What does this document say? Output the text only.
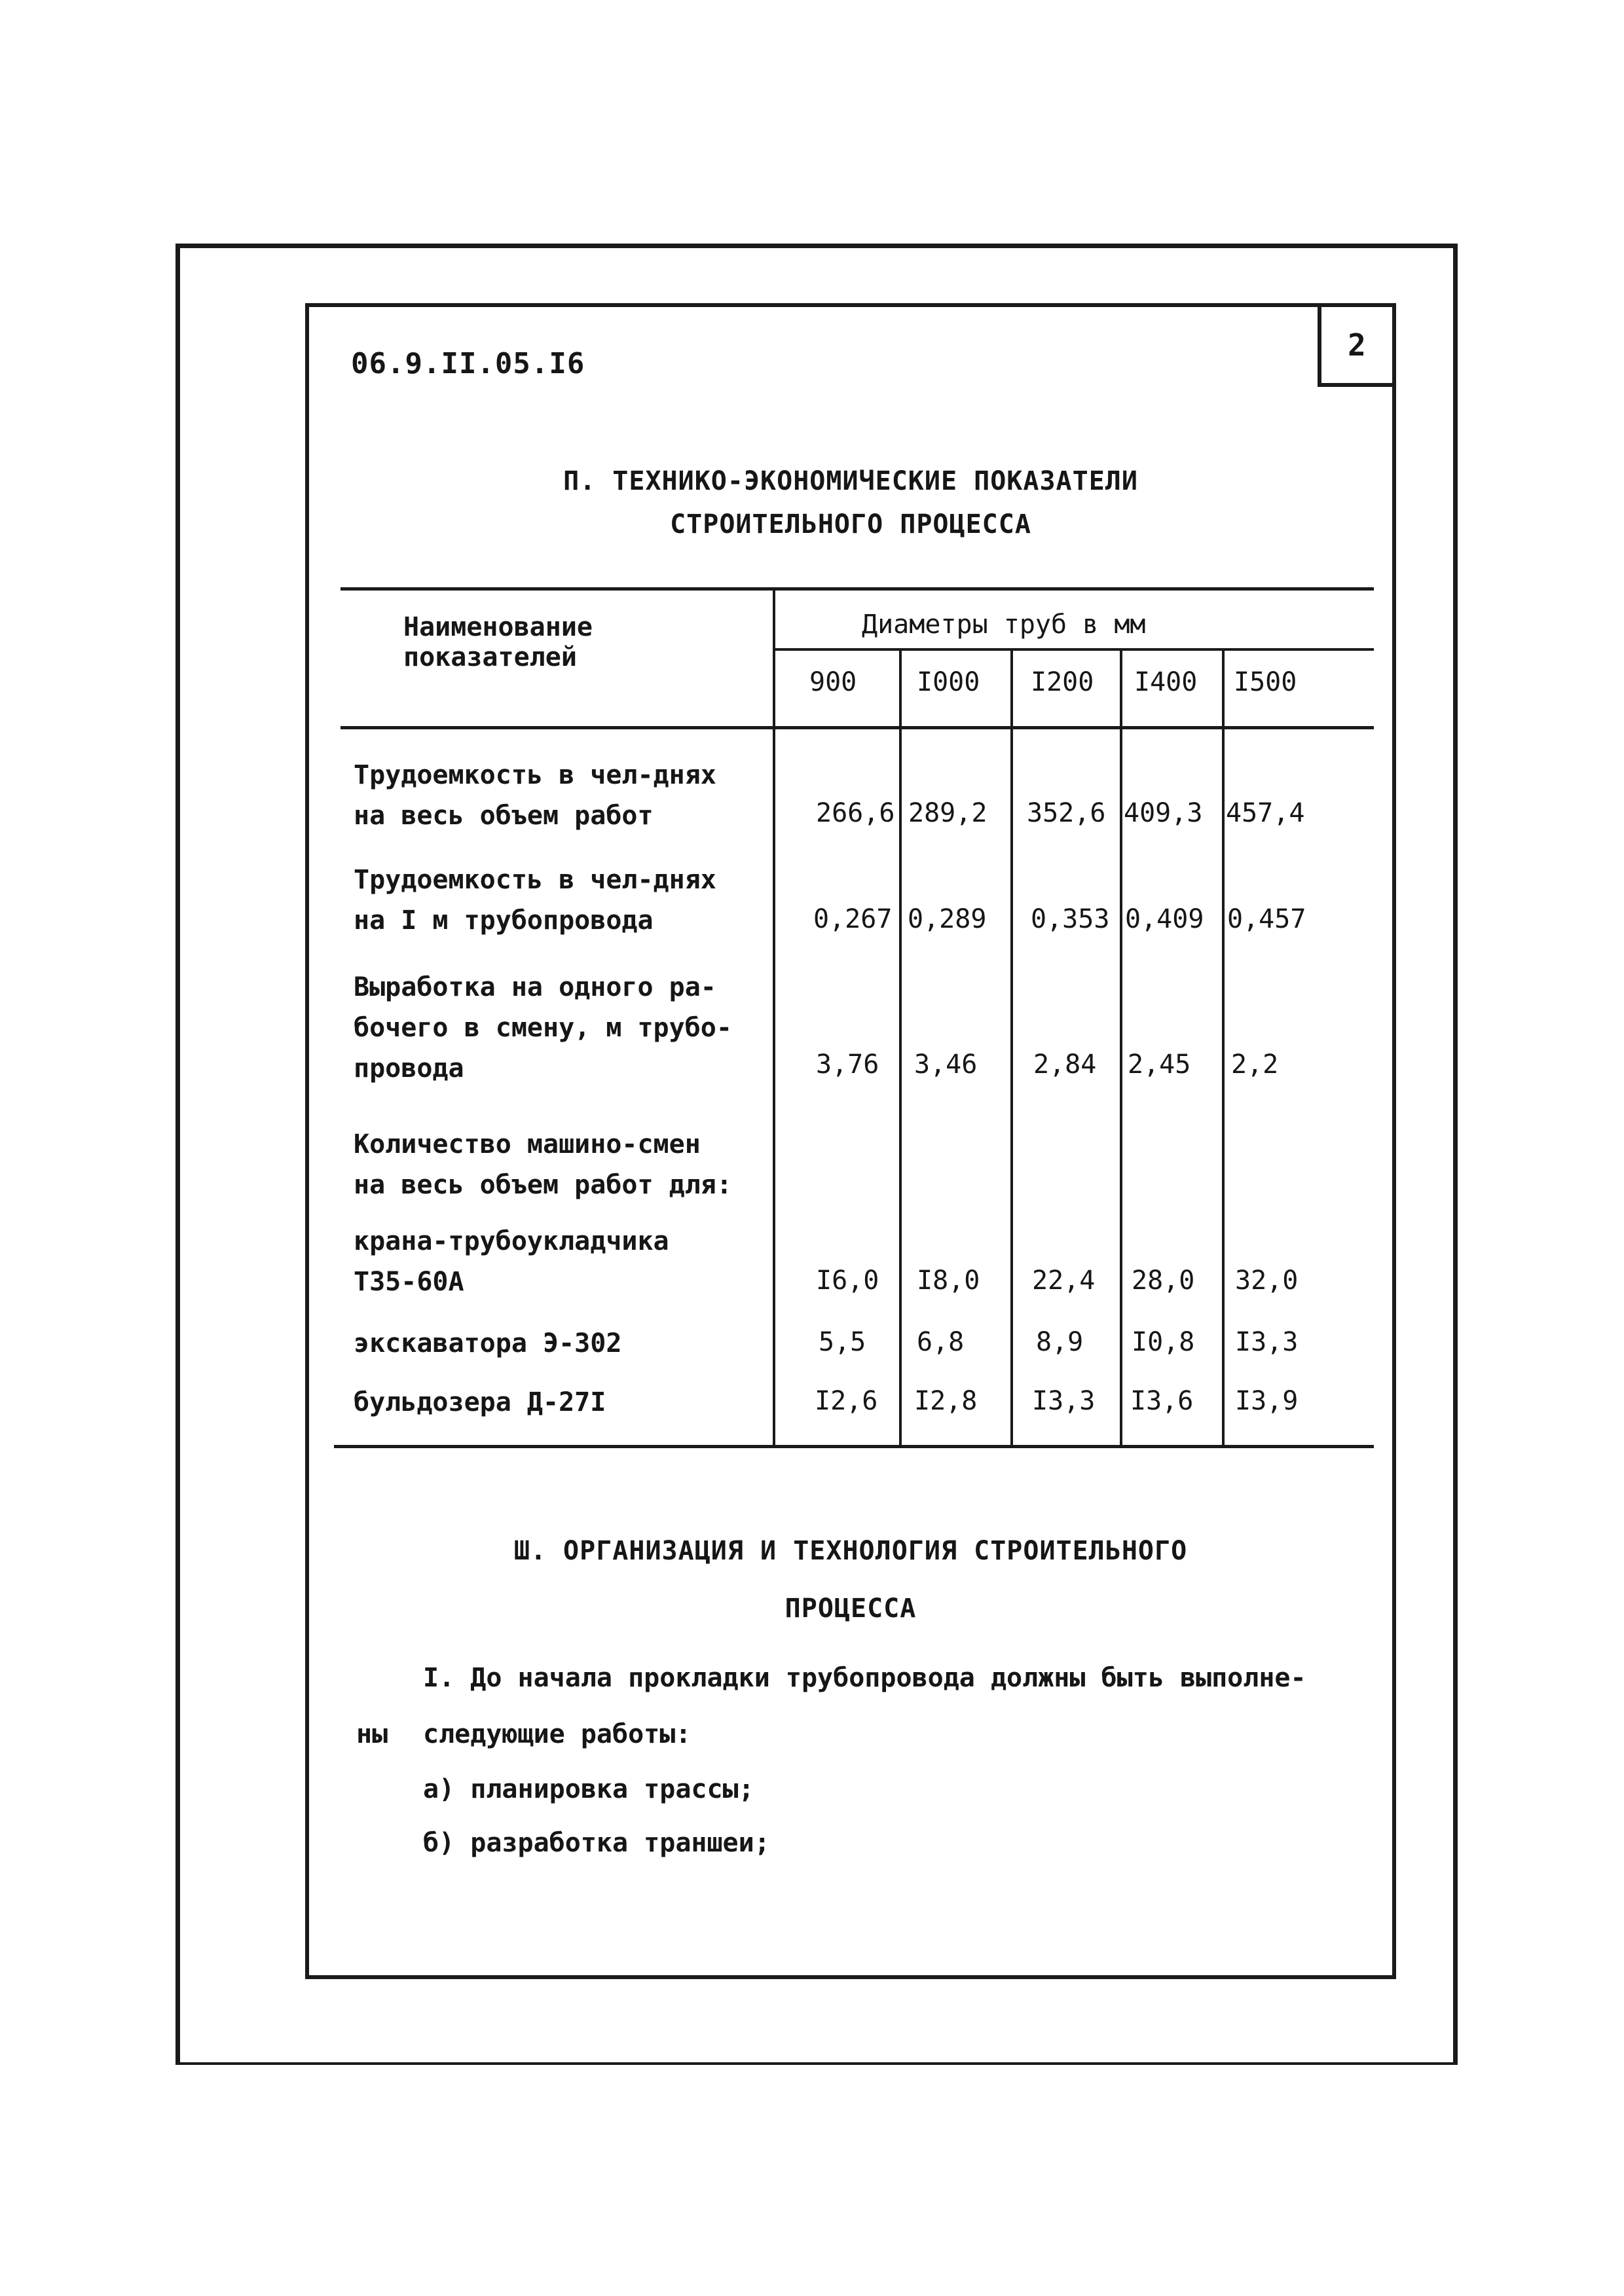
2
06.9.II.05.I6
П. ТЕХНИКО-ЭКОНОМИЧЕСКИЕ ПОКАЗАТЕЛИ
СТРОИТЕЛЬНОГО ПРОЦЕССА
Наименование
показателей
Диаметры труб в мм
900 I000 I200 I400 I500
Трудоемкость в чел-днях
на весь объем работ	266,6 289,2 352,6 409,3 457,4
Трудоемкость в чел-днях
на I м трубопровода	0,267 0,289 0,353 0,409 0,457
Выработка на одного ра-
бочего в смену, м трубо-
провода	3,76 3,46 2,84 2,45 2,2
Количество машино-смен
на весь объем работ для:
крана-трубоукладчика
Т35-60А	I6,0 I8,0 22,4 28,0 32,0
экскаватора Э-302	5,5 6,8	8,9 I0,8 I3,3
бульдозера Д-27I	I2,6 I2,8 I3,3 I3,6 I3,9
Ш. ОРГАНИЗАЦИЯ И ТЕХНОЛОГИЯ СТРОИТЕЛЬНОГО
ПРОЦЕССА
I. До начала прокладки трубопровода должны быть выполне-
ны следующие работы:
а) планировка трассы;
б) разработка траншеи;
